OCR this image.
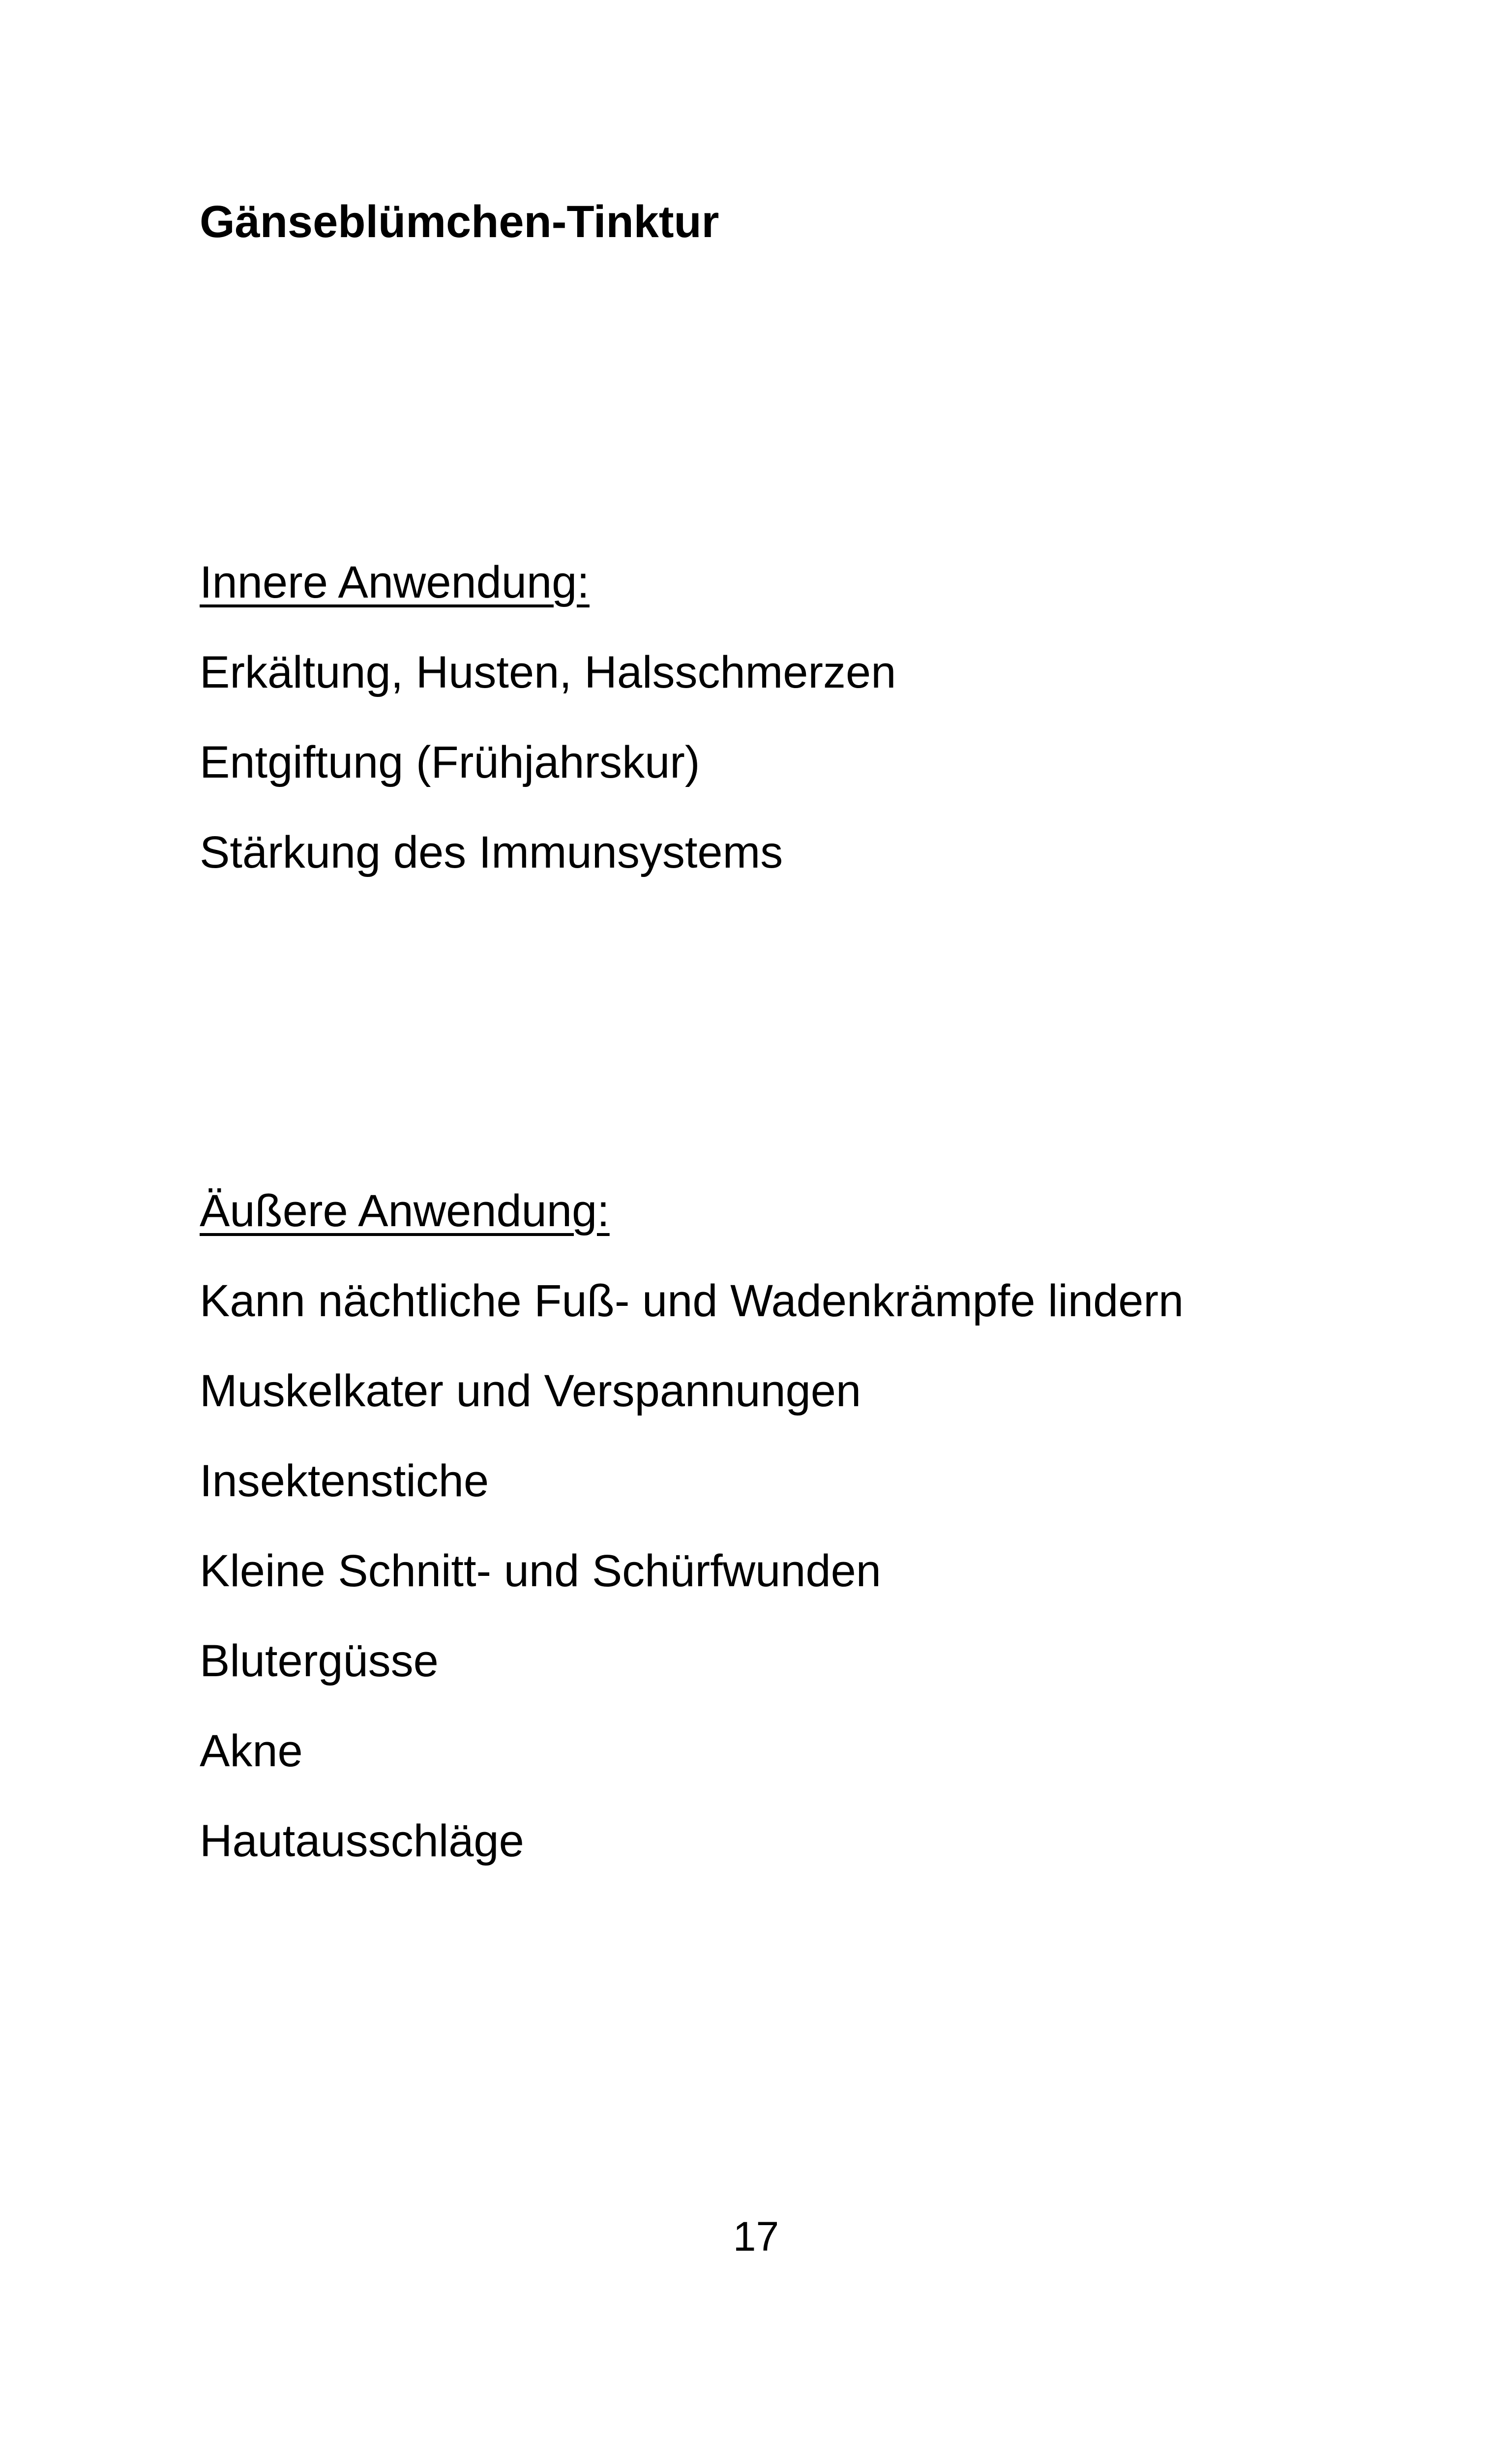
Gänseblümchen-Tinktur
Innere Anwendung:
Erkältung, Husten, Halsschmerzen
Entgiftung (Frühjahrskur)
Stärkung des Immunsystems
Äußere Anwendung:
Kann nächtliche Fuß- und Wadenkrämpfe lindern
Muskelkater und Verspannungen
Insektenstiche
Kleine Schnitt- und Schürfwunden
Blutergüsse
Akne
Hautausschläge
17
